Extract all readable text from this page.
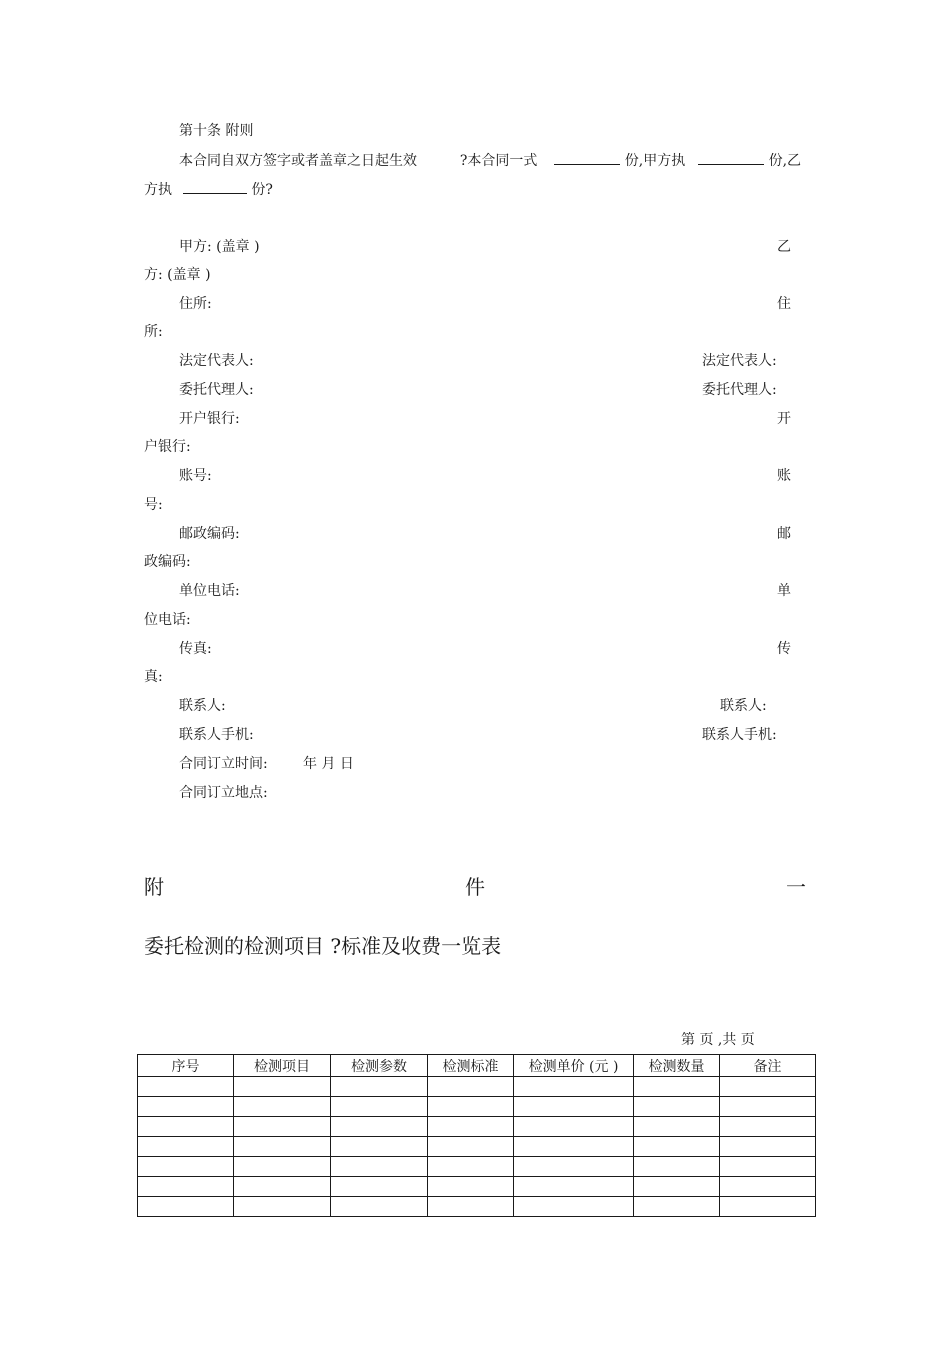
第十条 附则
本合同自双方签字或者盖章之日起生效	?本合同一式	份,甲方执	份,乙
方执	份?
甲方: (盖章 )	乙
方: (盖章 )
住所:	住
所:
法定代表人:	法定代表人:
委托代理人:	委托代理人:
开户银行:	开
户银行:
账号:	账
号:
邮政编码:	邮
政编码:
单位电话:	单
位电话:
传真:	传
真:
联系人:	联系人:
联系人手机:	联系人手机:
合同订立时间:	年 月 日
合同订立地点:
附	件	一
委托检测的检测项目 ?标准及收费一览表
第 页 ,共 页
序号	检测项目	检测参数	检测标准	检测单价 (元 )	检测数量	备注
